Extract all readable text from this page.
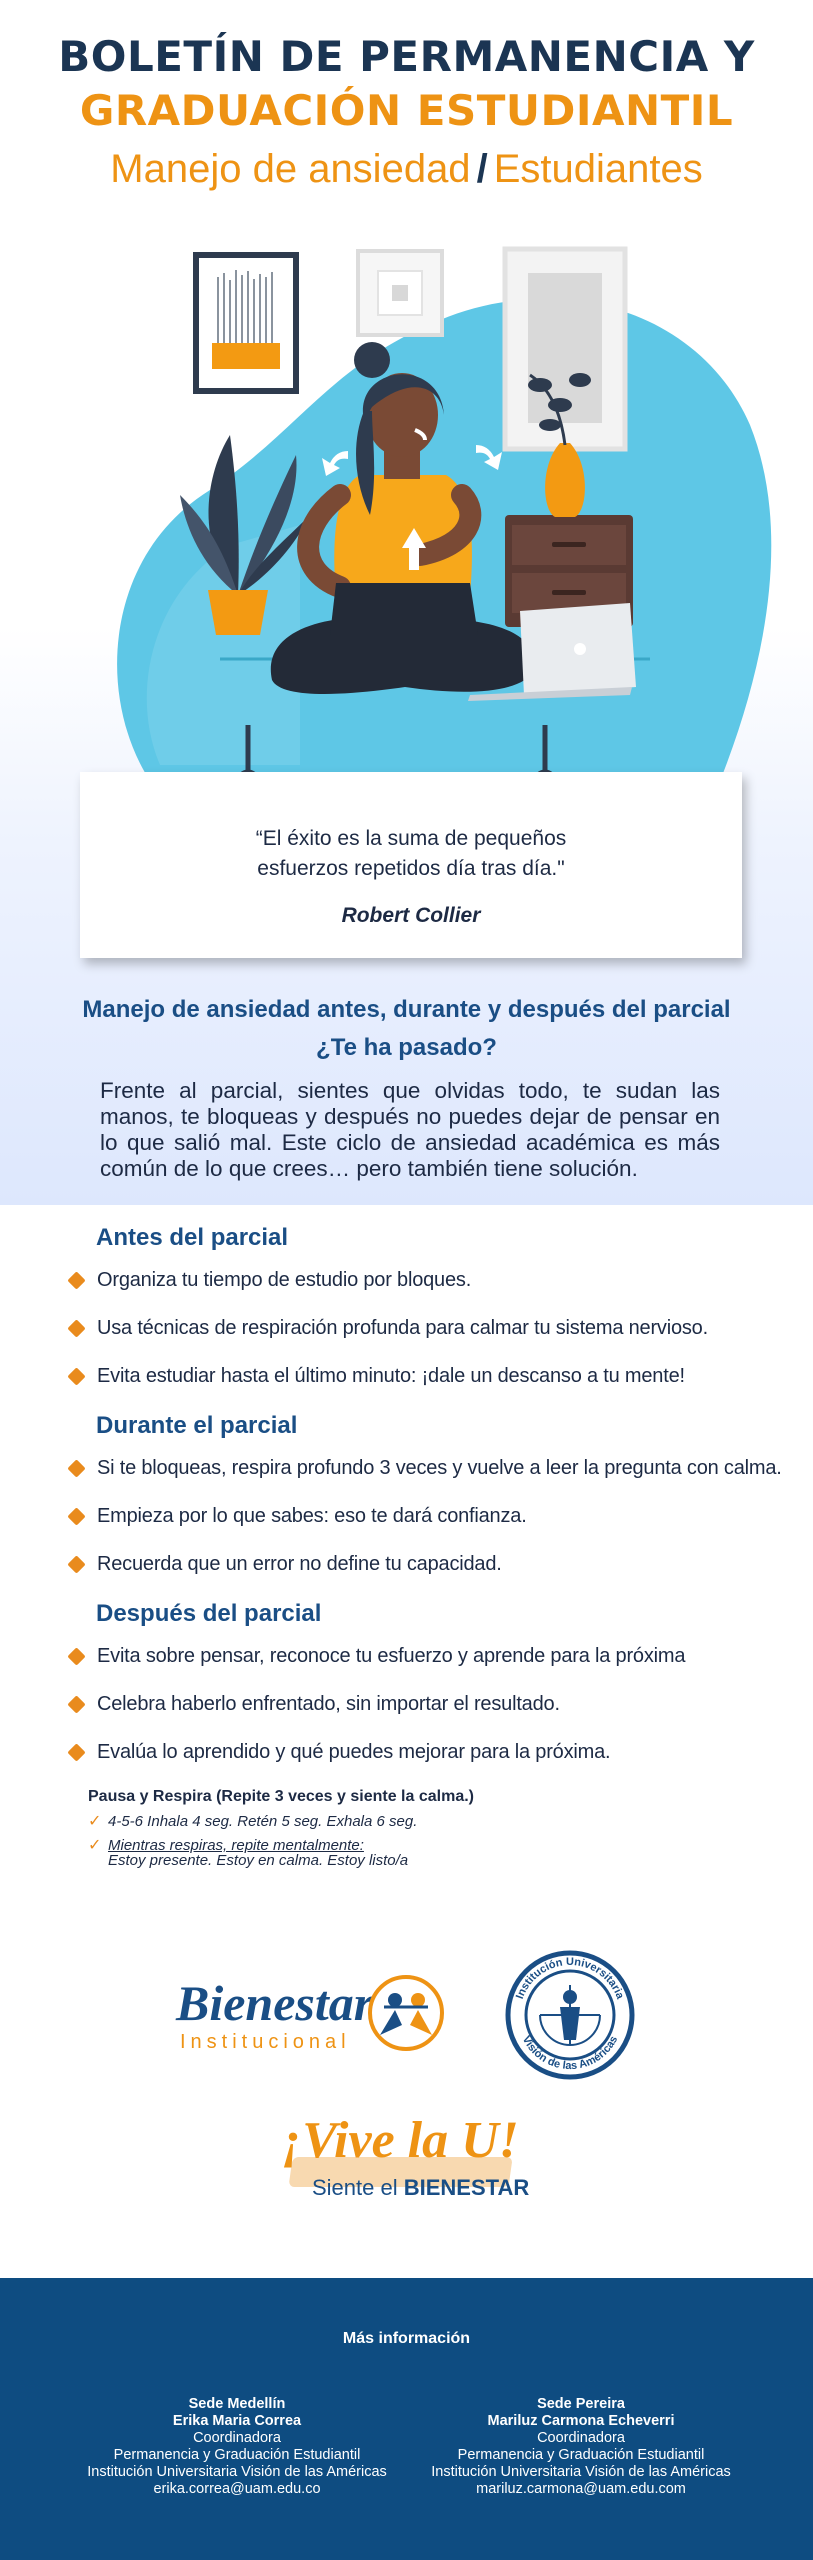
BOLETÍN DE PERMANENCIA Y
GRADUACIÓN ESTUDIANTIL
Manejo de ansiedad / Estudiantes
“El éxito es la suma de pequeños
esfuerzos repetidos día tras día."
Robert Collier
Manejo de ansiedad antes, durante y después del parcial
¿Te ha pasado?

Frente al parcial, sientes que olvidas todo, te sudan las manos, te bloqueas y después no puedes dejar de pensar en lo que salió mal. Este ciclo de ansiedad académica es más común de lo que crees… pero también tiene solución.

Antes del parcial
Organiza tu tiempo de estudio por bloques.
Usa técnicas de respiración profunda para calmar tu sistema nervioso.
Evita estudiar hasta el último minuto: ¡dale un descanso a tu mente!
Durante el parcial
Si te bloqueas, respira profundo 3 veces y vuelve a leer la pregunta con calma.
Empieza por lo que sabes: eso te dará confianza.
Recuerda que un error no define tu capacidad.
Después del parcial
Evita sobre pensar, reconoce tu esfuerzo y aprende para la próxima
Celebra haberlo enfrentado, sin importar el resultado.
Evalúa lo aprendido y qué puedes mejorar para la próxima.
Pausa y Respira (Repite 3 veces y siente la calma.)
✓ 4-5-6 Inhala 4 seg. Retén 5 seg. Exhala 6 seg.
✓ Mientras respiras, repite mentalmente:
Estoy presente. Estoy en calma. Estoy listo/a
Bienestar
Institucional
Institución Universitaria
Visión de las Américas
¡Vive la U!
Siente el BIENESTAR
Más información
Sede Medellín
Erika Maria Correa
Coordinadora
Permanencia y Graduación Estudiantil
Institución Universitaria Visión de las Américas
erika.correa@uam.edu.co
Sede Pereira
Mariluz Carmona Echeverri
Coordinadora
Permanencia y Graduación Estudiantil
Institución Universitaria Visión de las Américas
mariluz.carmona@uam.edu.com
